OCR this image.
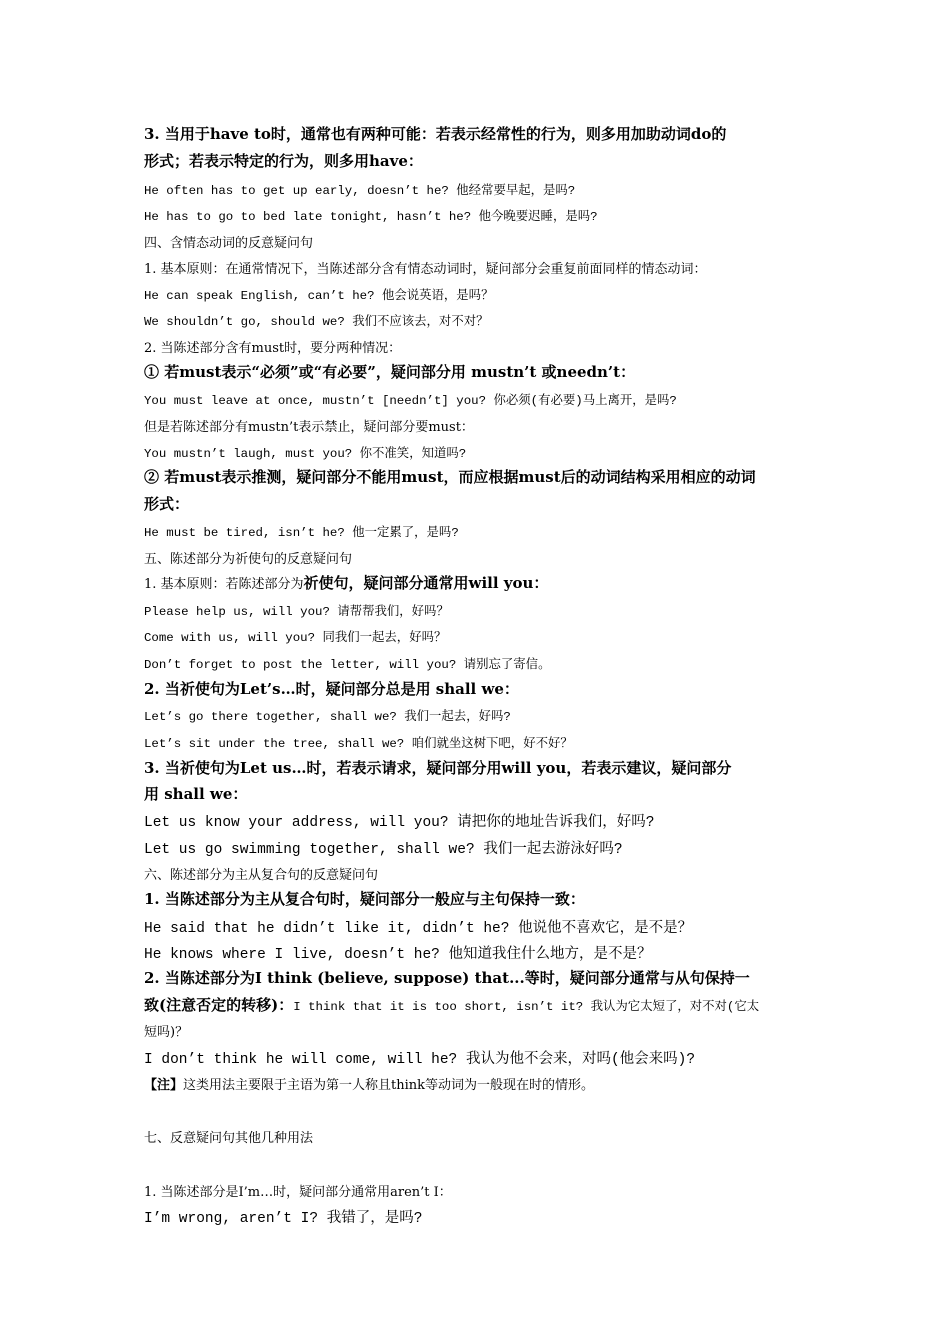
3. 当用于have to时，通常也有两种可能：若表示经常性的行为，则多用加助动词do的
形式；若表示特定的行为，则多用have：
He often has to get up early, doesn’t he? 他经常要早起，是吗?
He has to go to bed late tonight, hasn’t he? 他今晚要迟睡，是吗?
四、含情态动词的反意疑问句
1. 基本原则：在通常情况下，当陈述部分含有情态动词时，疑问部分会重复前面同样的情态动词：
He can speak English, can’t he? 他会说英语，是吗？
We shouldn’t go, should we? 我们不应该去，对不对？
2. 当陈述部分含有must时，要分两种情况：
① 若must表示“必须”或“有必要”，疑问部分用 mustn’t 或needn’t：
You must leave at once, mustn’t [needn’t] you? 你必须(有必要)马上离开，是吗?
但是若陈述部分有mustn’t表示禁止，疑问部分要must：
You mustn’t laugh, must you? 你不准笑，知道吗?
② 若must表示推测，疑问部分不能用must，而应根据must后的动词结构采用相应的动词
形式：
He must be tired, isn’t he? 他一定累了，是吗?
五、陈述部分为祈使句的反意疑问句
1. 基本原则：若陈述部分为祈使句，疑问部分通常用will you：
Please help us, will you? 请帮帮我们，好吗？
Come with us, will you? 同我们一起去，好吗？
Don’t forget to post the letter, will you? 请别忘了寄信。
2. 当祈使句为Let’s…时，疑问部分总是用 shall we：
Let’s go there together, shall we? 我们一起去，好吗?
Let’s sit under the tree, shall we? 咱们就坐这树下吧，好不好？
3. 当祈使句为Let us…时，若表示请求，疑问部分用will you，若表示建议，疑问部分
用 shall we：
Let us know your address, will you? 请把你的地址告诉我们，好吗?
Let us go swimming together, shall we? 我们一起去游泳好吗?
六、陈述部分为主从复合句的反意疑问句
1. 当陈述部分为主从复合句时，疑问部分一般应与主句保持一致：
He said that he didn’t like it, didn’t he? 他说他不喜欢它，是不是？
He knows where I live, doesn’t he? 他知道我住什么地方，是不是？
2. 当陈述部分为I think (believe, suppose) that...等时，疑问部分通常与从句保持一
致(注意否定的转移)：I think that it is too short, isn’t it? 我认为它太短了，对不对(它太
短吗)？
I don’t think he will come, will he? 我认为他不会来，对吗(他会来吗)?
【注】这类用法主要限于主语为第一人称且think等动词为一般现在时的情形。
七、反意疑问句其他几种用法
1. 当陈述部分是I’m…时，疑问部分通常用aren’t I：
I’m wrong, aren’t I? 我错了，是吗?
